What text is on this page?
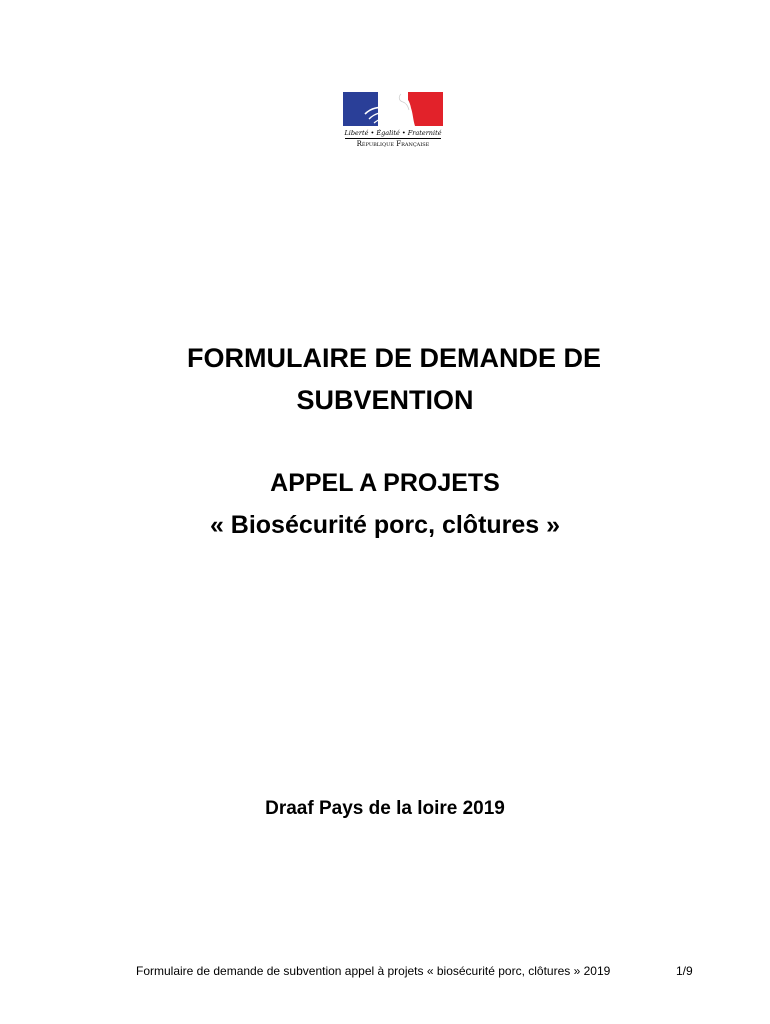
Liberté • Égalité • Fraternité
République Française
FORMULAIRE DE DEMANDE DE
SUBVENTION
APPEL A PROJETS
« Biosécurité porc, clôtures »
Draaf Pays de la loire 2019
Formulaire de demande de subvention appel à projets « biosécurité porc, clôtures » 2019	1/9
